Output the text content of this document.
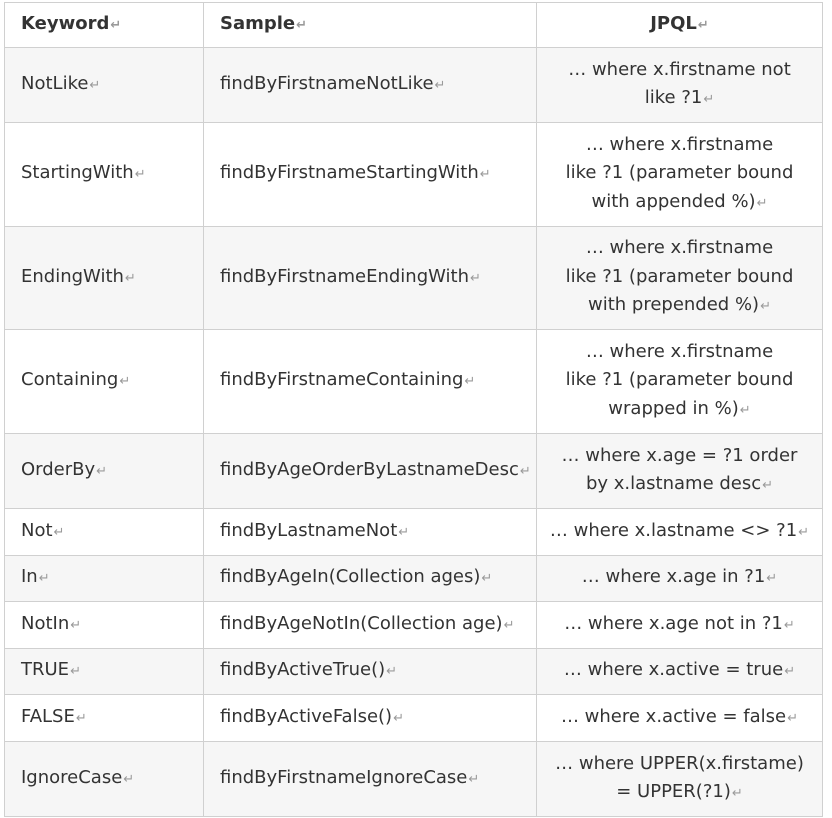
Keyword ↵	Sample ↵	JPQL ↵
NotLike ↵	findByFirstnameNotLike ↵	… where x.firstname not
like ?1 ↵
StartingWith ↵	findByFirstnameStartingWith ↵	… where x.firstname
like ?1 (parameter bound
with appended %) ↵
EndingWith ↵	findByFirstnameEndingWith ↵	… where x.firstname
like ?1 (parameter bound
with prepended %) ↵
Containing ↵	findByFirstnameContaining ↵	… where x.firstname
like ?1 (parameter bound
wrapped in %) ↵
OrderBy ↵	findByAgeOrderByLastnameDesc ↵	… where x.age = ?1 order
by x.lastname desc ↵
Not ↵	findByLastnameNot ↵	… where x.lastname <> ?1 ↵
In ↵	findByAgeIn(Collection ages) ↵	… where x.age in ?1 ↵
NotIn ↵	findByAgeNotIn(Collection age) ↵	… where x.age not in ?1 ↵
TRUE ↵	findByActiveTrue() ↵	… where x.active = true ↵
FALSE ↵	findByActiveFalse() ↵	… where x.active = false ↵
IgnoreCase ↵	findByFirstnameIgnoreCase ↵	… where UPPER(x.firstame)
= UPPER(?1) ↵
